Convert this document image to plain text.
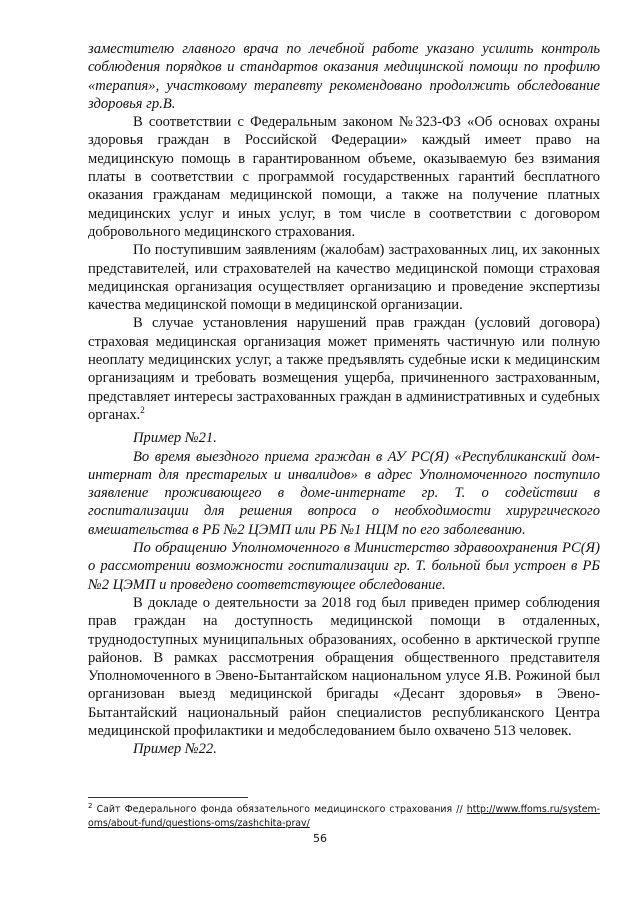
заместителю главного врача по лечебной работе указано усилить контроль соблюдения порядков и стандартов оказания медицинской помощи по профилю «терапия», участковому терапевту рекомендовано продолжить обследование здоровья гр.В.

В соответствии с Федеральным законом №323-ФЗ «Об основах охраны здоровья граждан в Российской Федерации» каждый имеет право на медицинскую помощь в гарантированном объеме, оказываемую без взимания платы в соответствии с программой государственных гарантий бесплатного оказания гражданам медицинской помощи, а также на получение платных медицинских услуг и иных услуг, в том числе в соответствии с договором добровольного медицинского страхования.

По поступившим заявлениям (жалобам) застрахованных лиц, их законных представителей, или страхователей на качество медицинской помощи страховая медицинская организация осуществляет организацию и проведение экспертизы качества медицинской помощи в медицинской организации.

В случае установления нарушений прав граждан (условий договора) страховая медицинская организация может применять частичную или полную неоплату медицинских услуг, а также предъявлять судебные иски к медицинским организациям и требовать возмещения ущерба, причиненного застрахованным, представляет интересы застрахованных граждан в административных и судебных органах.$^2$

Пример №21.

Во время выездного приема граждан в АУ РС(Я) «Республиканский дом-интернат для престарелых и инвалидов» в адрес Уполномоченного поступило заявление проживающего в доме-интернате гр. Т. о содействии в госпитализации для решения вопроса о необходимости хирургического вмешательства в РБ №2 ЦЭМП или РБ №1 НЦМ по его заболеванию.

По обращению Уполномоченного в Министерство здравоохранения РС(Я) о рассмотрении возможности госпитализации гр. Т. больной был устроен в РБ №2 ЦЭМП и проведено соответствующее обследование.

В докладе о деятельности за 2018 год был приведен пример соблюдения прав граждан на доступность медицинской помощи в отдаленных, труднодоступных муниципальных образованиях, особенно в арктической группе районов. В рамках рассмотрения обращения общественного представителя Уполномоченного в Эвено-Бытантайском национальном улусе Я.В. Рожиной был организован выезд медицинской бригады «Десант здоровья» в Эвено-Бытантайский национальный район специалистов республиканского Центра медицинской профилактики и медобследованием было охвачено 513 человек.

Пример №22.

$^2$ Сайт Федерального фонда обязательного медицинского страхования // http://www.ffoms.ru/system-oms/about-fund/questions-oms/zashchita-prav/
56
